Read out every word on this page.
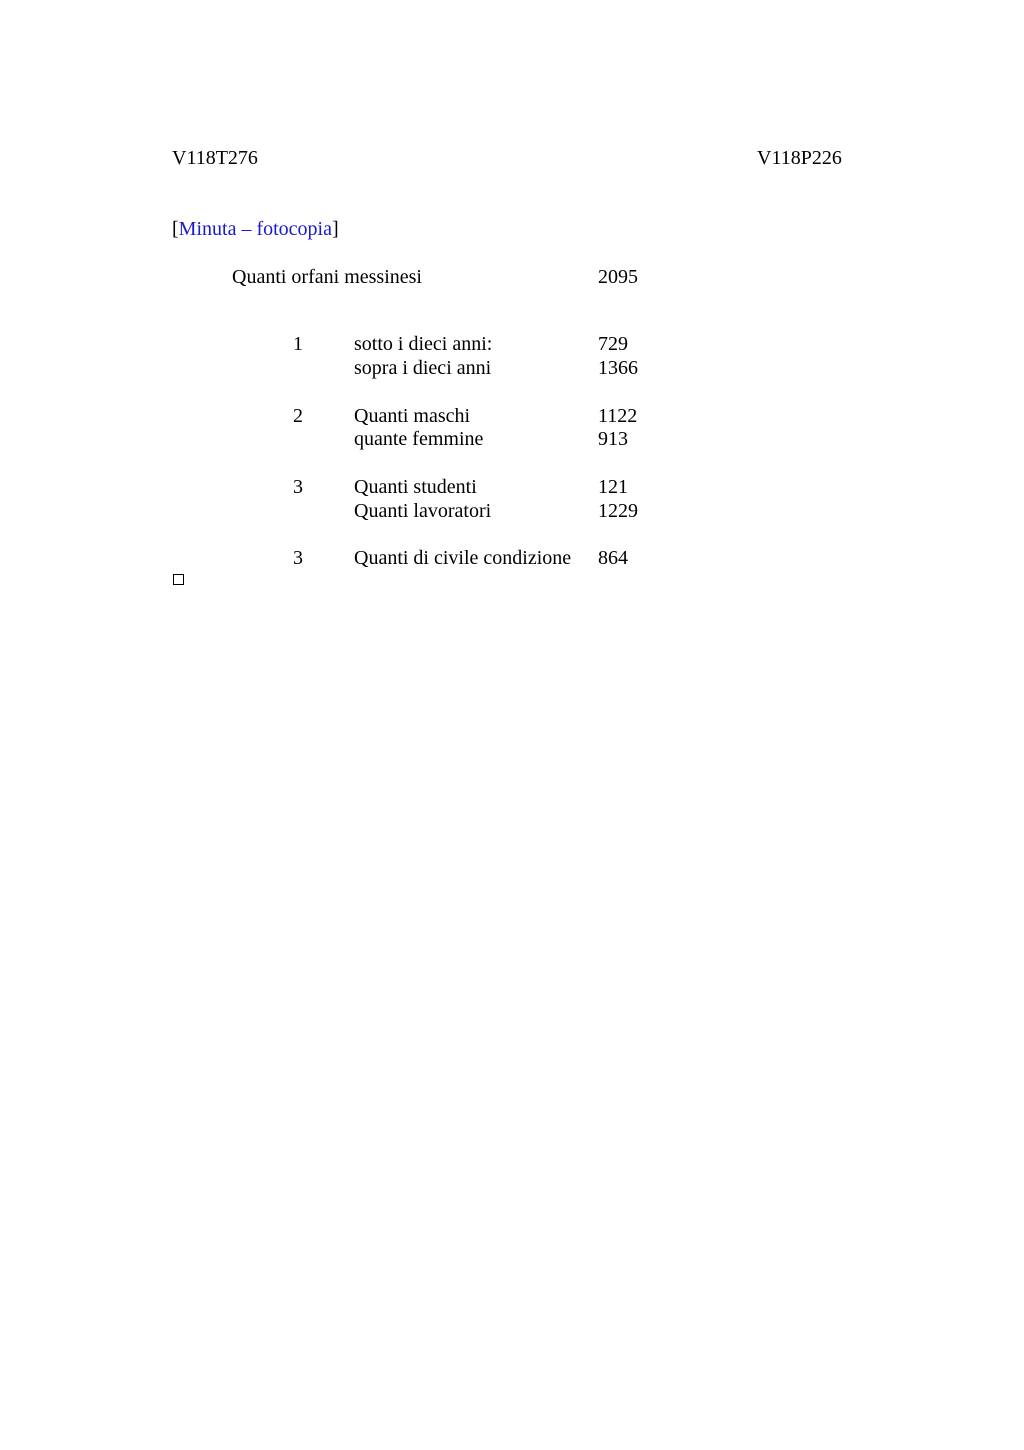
V118T276	V118P226
[Minuta – fotocopia]
Quanti orfani messinesi	2095
1	sotto i dieci anni:	729
sopra i dieci anni	1366
2	Quanti maschi	1122
quante femmine	913
3	Quanti studenti	121
Quanti lavoratori	1229
3	Quanti di civile condizione 864
